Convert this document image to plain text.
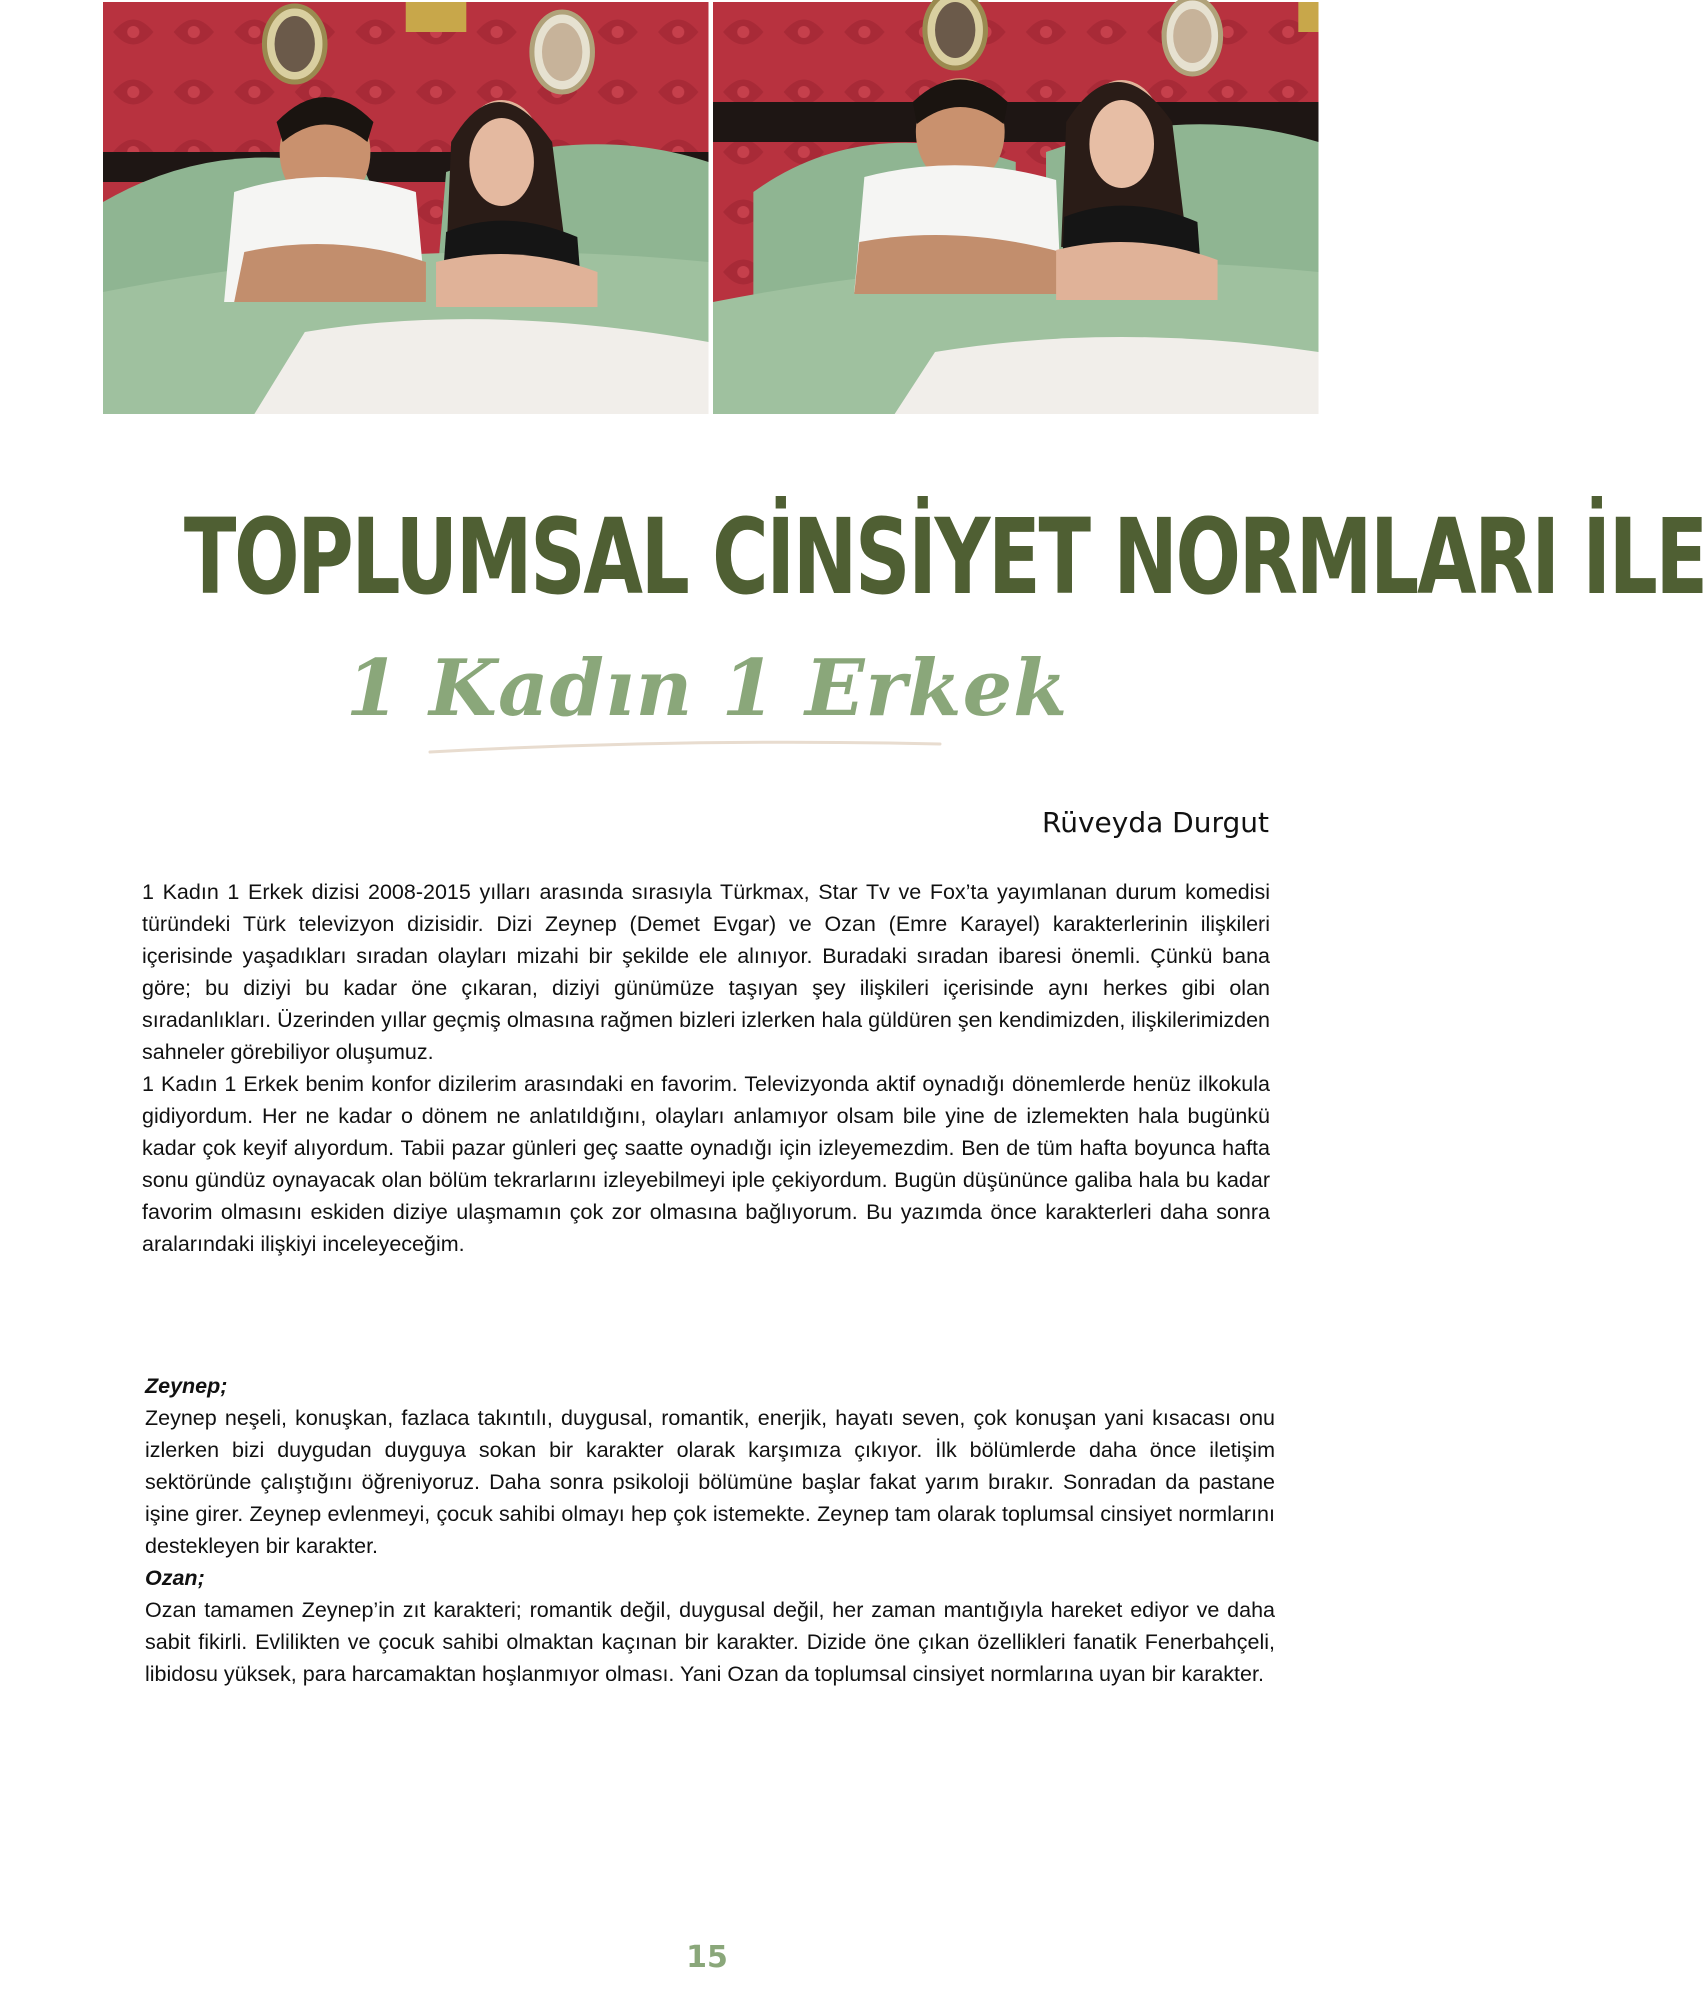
TOPLUMSAL CİNSİYET NORMLARI İLE
1 Kadın 1 Erkek
Rüveyda Durgut

1 Kadın 1 Erkek dizisi 2008-2015 yılları arasında sırasıyla Türkmax, Star Tv ve Fox’ta yayımlanan durum komedisi türündeki Türk televizyon dizisidir. Dizi Zeynep (Demet Evgar) ve Ozan (Emre Karayel) karakterlerinin ilişkileri içerisinde yaşadıkları sıradan olayları mizahi bir şekilde ele alınıyor. Buradaki sıradan ibaresi önemli. Çünkü bana göre; bu diziyi bu kadar öne çıkaran, diziyi günümüze taşıyan şey ilişkileri içerisinde aynı herkes gibi olan sıradanlıkları. Üzerinden yıllar geçmiş olmasına rağmen bizleri izlerken hala güldüren şen kendimizden, ilişkilerimizden sahneler görebiliyor oluşumuz.

1 Kadın 1 Erkek benim konfor dizilerim arasındaki en favorim. Televizyonda aktif oynadığı dönemlerde henüz ilkokula gidiyordum. Her ne kadar o dönem ne anlatıldığını, olayları anlamıyor olsam bile yine de izlemekten hala bugünkü kadar çok keyif alıyordum. Tabii pazar günleri geç saatte oynadığı için izleyemezdim. Ben de tüm hafta boyunca hafta sonu gündüz oynayacak olan bölüm tekrarlarını izleyebilmeyi iple çekiyordum. Bugün düşününce galiba hala bu kadar favorim olmasını eskiden diziye ulaşmamın çok zor olmasına bağlıyorum. Bu yazımda önce karakterleri daha sonra aralarındaki ilişkiyi inceleyeceğim.

Zeynep;

Zeynep neşeli, konuşkan, fazlaca takıntılı, duygusal, romantik, enerjik, hayatı seven, çok konuşan yani kısacası onu izlerken bizi duygudan duyguya sokan bir karakter olarak karşımıza çıkıyor. İlk bölümlerde daha önce iletişim sektöründe çalıştığını öğreniyoruz. Daha sonra psikoloji bölümüne başlar fakat yarım bırakır. Sonradan da pastane işine girer. Zeynep evlenmeyi, çocuk sahibi olmayı hep çok istemekte. Zeynep tam olarak toplumsal cinsiyet normlarını destekleyen bir karakter.

Ozan;

Ozan tamamen Zeynep’in zıt karakteri; romantik değil, duygusal değil, her zaman mantığıyla hareket ediyor ve daha sabit fikirli. Evlilikten ve çocuk sahibi olmaktan kaçınan bir karakter. Dizide öne çıkan özellikleri fanatik Fenerbahçeli, libidosu yüksek, para harcamaktan hoşlanmıyor olması. Yani Ozan da toplumsal cinsiyet normlarına uyan bir karakter.

15
